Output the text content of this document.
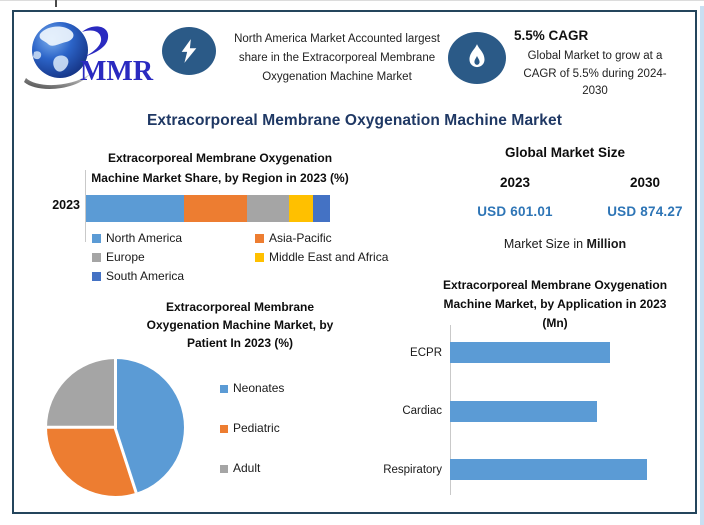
MMR
North America Market Accounted largest share in the Extracorporeal Membrane Oxygenation Machine Market
5.5% CAGR
Global Market to grow at a CAGR of 5.5% during 2024-2030
Extracorporeal Membrane Oxygenation Machine Market
Extracorporeal Membrane Oxygenation
Machine Market Share, by Region in 2023 (%)
2023
North America	Asia-Pacific
Europe	Middle East and Africa
South America
Global Market Size
2023	2030
USD 601.01	USD 874.27
Market Size in Million
Extracorporeal Membrane
Oxygenation Machine Market, by
Patient In 2023 (%)
Neonates
Pediatric
Adult
Extracorporeal Membrane Oxygenation
Machine Market, by Application in 2023
(Mn)
ECPR
Cardiac
Respiratory
